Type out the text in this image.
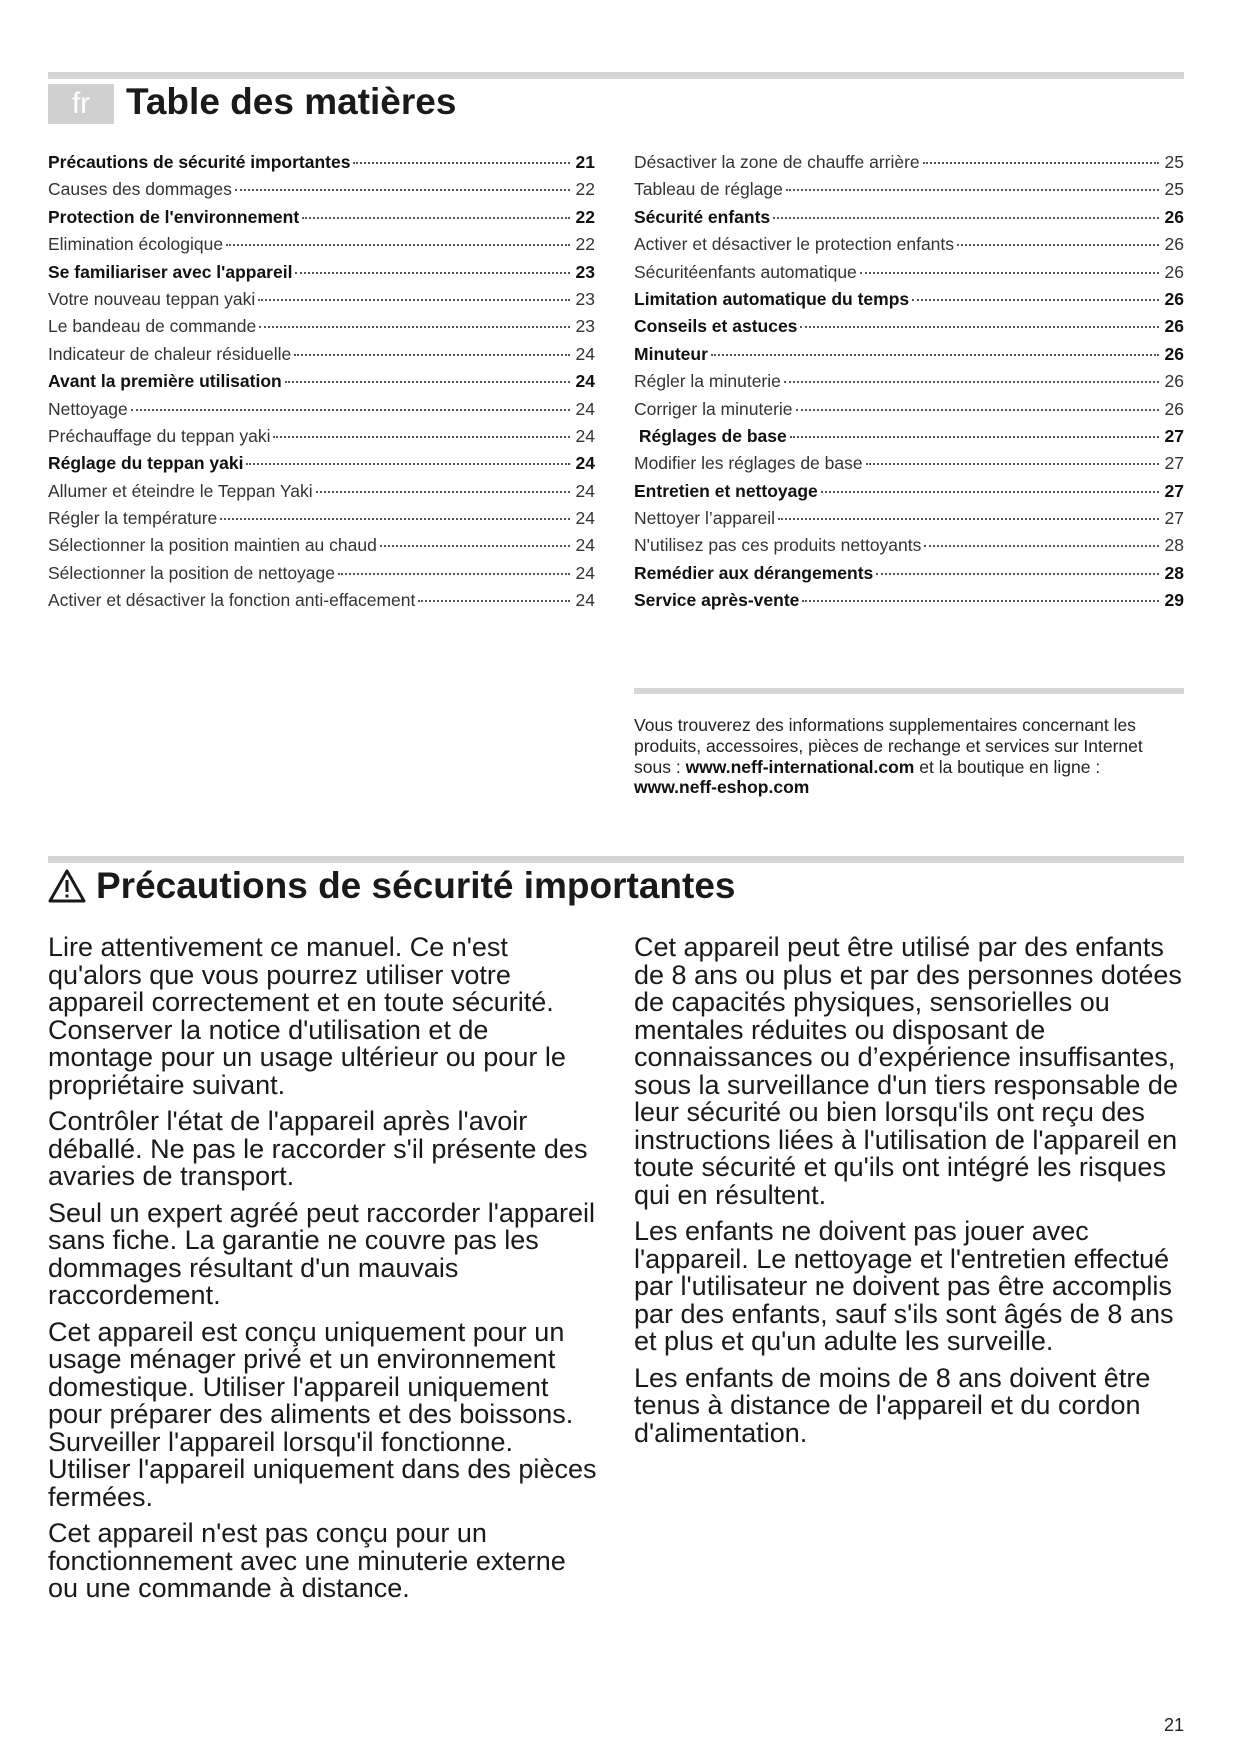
fr Table des matières
Précautions de sécurité importantes	21
Causes des dommages	22
Protection de l'environnement	22
Elimination écologique	22
Se familiariser avec l'appareil	23
Votre nouveau teppan yaki	23
Le bandeau de commande	23
Indicateur de chaleur résiduelle	24
Avant la première utilisation	24
Nettoyage	24
Préchauffage du teppan yaki	24
Réglage du teppan yaki	24
Allumer et éteindre le Teppan Yaki	24
Régler la température	24
Sélectionner la position maintien au chaud	24
Sélectionner la position de nettoyage	24
Activer et désactiver la fonction anti-effacement	24
Désactiver la zone de chauffe arrière	25
Tableau de réglage	25
Sécurité enfants	26
Activer et désactiver le protection enfants	26
Sécuritéenfants automatique	26
Limitation automatique du temps	26
Conseils et astuces	26
Minuteur	26
Régler la minuterie	26
Corriger la minuterie	26
Réglages de base	27
Modifier les réglages de base	27
Entretien et nettoyage	27
Nettoyer l’appareil	27
N'utilisez pas ces produits nettoyants	28
Remédier aux dérangements	28
Service après-vente	29
Vous trouverez des informations supplementaires concernant les produits, accessoires, pièces de rechange et services sur Internet sous : www.neff-international.com et la boutique en ligne : www.neff-eshop.com
Précautions de sécurité importantes

Lire attentivement ce manuel. Ce n'est qu'alors que vous pourrez utiliser votre appareil correctement et en toute sécurité. Conserver la notice d'utilisation et de montage pour un usage ultérieur ou pour le propriétaire suivant.

Contrôler l'état de l'appareil après l'avoir déballé. Ne pas le raccorder s'il présente des avaries de transport.

Seul un expert agréé peut raccorder l'appareil sans fiche. La garantie ne couvre pas les dommages résultant d'un mauvais raccordement.

Cet appareil est conçu uniquement pour un usage ménager privé et un environnement domestique. Utiliser l'appareil uniquement pour préparer des aliments et des boissons. Surveiller l'appareil lorsqu'il fonctionne. Utiliser l'appareil uniquement dans des pièces fermées.

Cet appareil n'est pas conçu pour un fonctionnement avec une minuterie externe ou une commande à distance.

Cet appareil peut être utilisé par des enfants de 8 ans ou plus et par des personnes dotées de capacités physiques, sensorielles ou mentales réduites ou disposant de connaissances ou d’expérience insuffisantes, sous la surveillance d'un tiers responsable de leur sécurité ou bien lorsqu'ils ont reçu des instructions liées à l'utilisation de l'appareil en toute sécurité et qu'ils ont intégré les risques qui en résultent.

Les enfants ne doivent pas jouer avec l'appareil. Le nettoyage et l'entretien effectué par l'utilisateur ne doivent pas être accomplis par des enfants, sauf s'ils sont âgés de 8 ans et plus et qu'un adulte les surveille.

Les enfants de moins de 8 ans doivent être tenus à distance de l'appareil et du cordon d'alimentation.

21
